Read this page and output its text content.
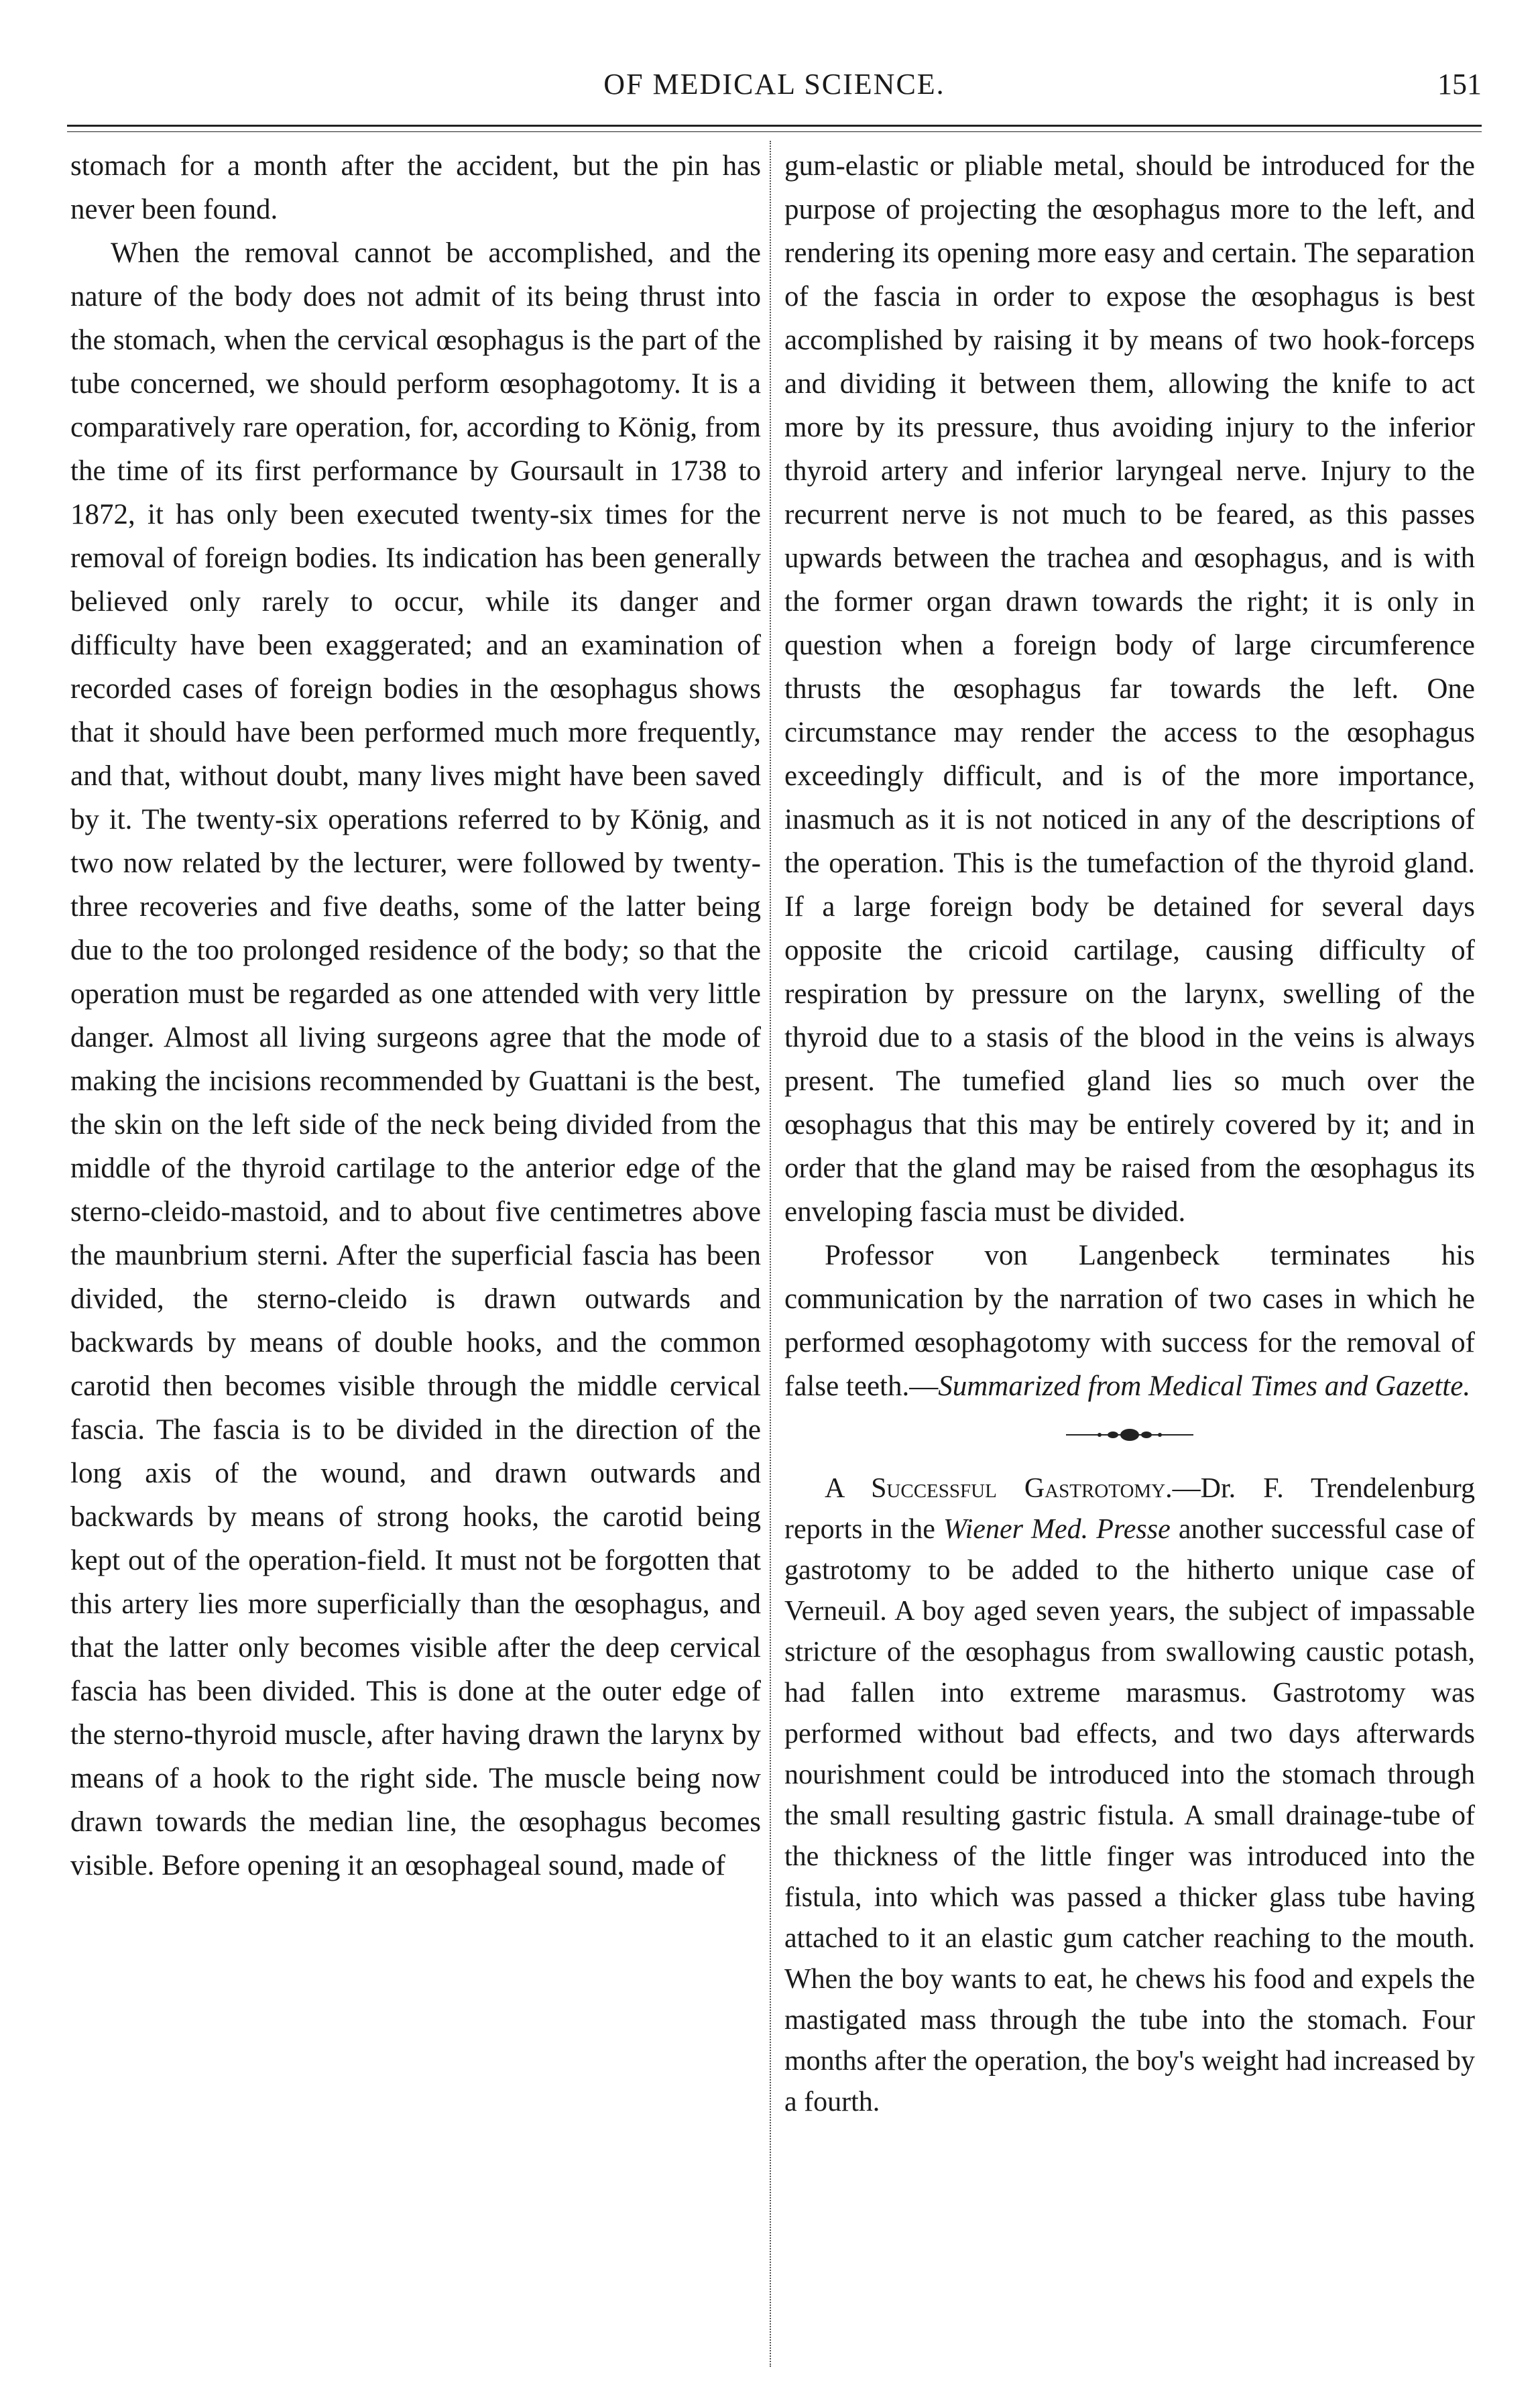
OF MEDICAL SCIENCE.	151

stomach for a month after the accident, but the pin has never been found.

When the removal cannot be accomplished, and the nature of the body does not admit of its being thrust into the stomach, when the cervical œsophagus is the part of the tube concerned, we should perform œsophagotomy. It is a comparatively rare operation, for, according to König, from the time of its first performance by Goursault in 1738 to 1872, it has only been executed twenty-six times for the removal of foreign bodies. Its indication has been generally believed only rarely to occur, while its danger and difficulty have been exaggerated; and an examination of recorded cases of foreign bodies in the œsophagus shows that it should have been performed much more frequently, and that, without doubt, many lives might have been saved by it. The twenty-six operations referred to by König, and two now related by the lecturer, were followed by twenty-three recoveries and five deaths, some of the latter being due to the too prolonged residence of the body; so that the operation must be regarded as one attended with very little danger. Almost all living surgeons agree that the mode of making the incisions recommended by Guattani is the best, the skin on the left side of the neck being divided from the middle of the thyroid cartilage to the anterior edge of the sterno-cleido-mastoid, and to about five centimetres above the maunbrium sterni. After the superficial fascia has been divided, the sterno-cleido is drawn outwards and backwards by means of double hooks, and the common carotid then becomes visible through the middle cervical fascia. The fascia is to be divided in the direction of the long axis of the wound, and drawn outwards and backwards by means of strong hooks, the carotid being kept out of the operation-field. It must not be forgotten that this artery lies more superficially than the œsophagus, and that the latter only becomes visible after the deep cervical fascia has been divided. This is done at the outer edge of the sterno-thyroid muscle, after having drawn the larynx by means of a hook to the right side. The muscle being now drawn towards the median line, the œsophagus becomes visible. Before opening it an œsophageal sound, made of

gum-elastic or pliable metal, should be introduced for the purpose of projecting the œsophagus more to the left, and rendering its opening more easy and certain. The separation of the fascia in order to expose the œsophagus is best accomplished by raising it by means of two hook-forceps and dividing it between them, allowing the knife to act more by its pressure, thus avoiding injury to the inferior thyroid artery and inferior laryngeal nerve. Injury to the recurrent nerve is not much to be feared, as this passes upwards between the trachea and œsophagus, and is with the former organ drawn towards the right; it is only in question when a foreign body of large circumference thrusts the œsophagus far towards the left. One circumstance may render the access to the œsophagus exceedingly difficult, and is of the more importance, inasmuch as it is not noticed in any of the descriptions of the operation. This is the tumefaction of the thyroid gland. If a large foreign body be detained for several days opposite the cricoid cartilage, causing difficulty of respiration by pressure on the larynx, swelling of the thyroid due to a stasis of the blood in the veins is always present. The tumefied gland lies so much over the œsophagus that this may be entirely covered by it; and in order that the gland may be raised from the œsophagus its enveloping fascia must be divided.

Professor von Langenbeck terminates his communication by the narration of two cases in which he performed œsophagotomy with success for the removal of false teeth.—Summarized from Medical Times and Gazette.

A Successful Gastrotomy.—Dr. F. Trendelenburg reports in the Wiener Med. Presse another successful case of gastrotomy to be added to the hitherto unique case of Verneuil. A boy aged seven years, the subject of impassable stricture of the œsophagus from swallowing caustic potash, had fallen into extreme marasmus. Gastrotomy was performed without bad effects, and two days afterwards nourishment could be introduced into the stomach through the small resulting gastric fistula. A small drainage-tube of the thickness of the little finger was introduced into the fistula, into which was passed a thicker glass tube having attached to it an elastic gum catcher reaching to the mouth. When the boy wants to eat, he chews his food and expels the mastigated mass through the tube into the stomach. Four months after the operation, the boy's weight had increased by a fourth.
